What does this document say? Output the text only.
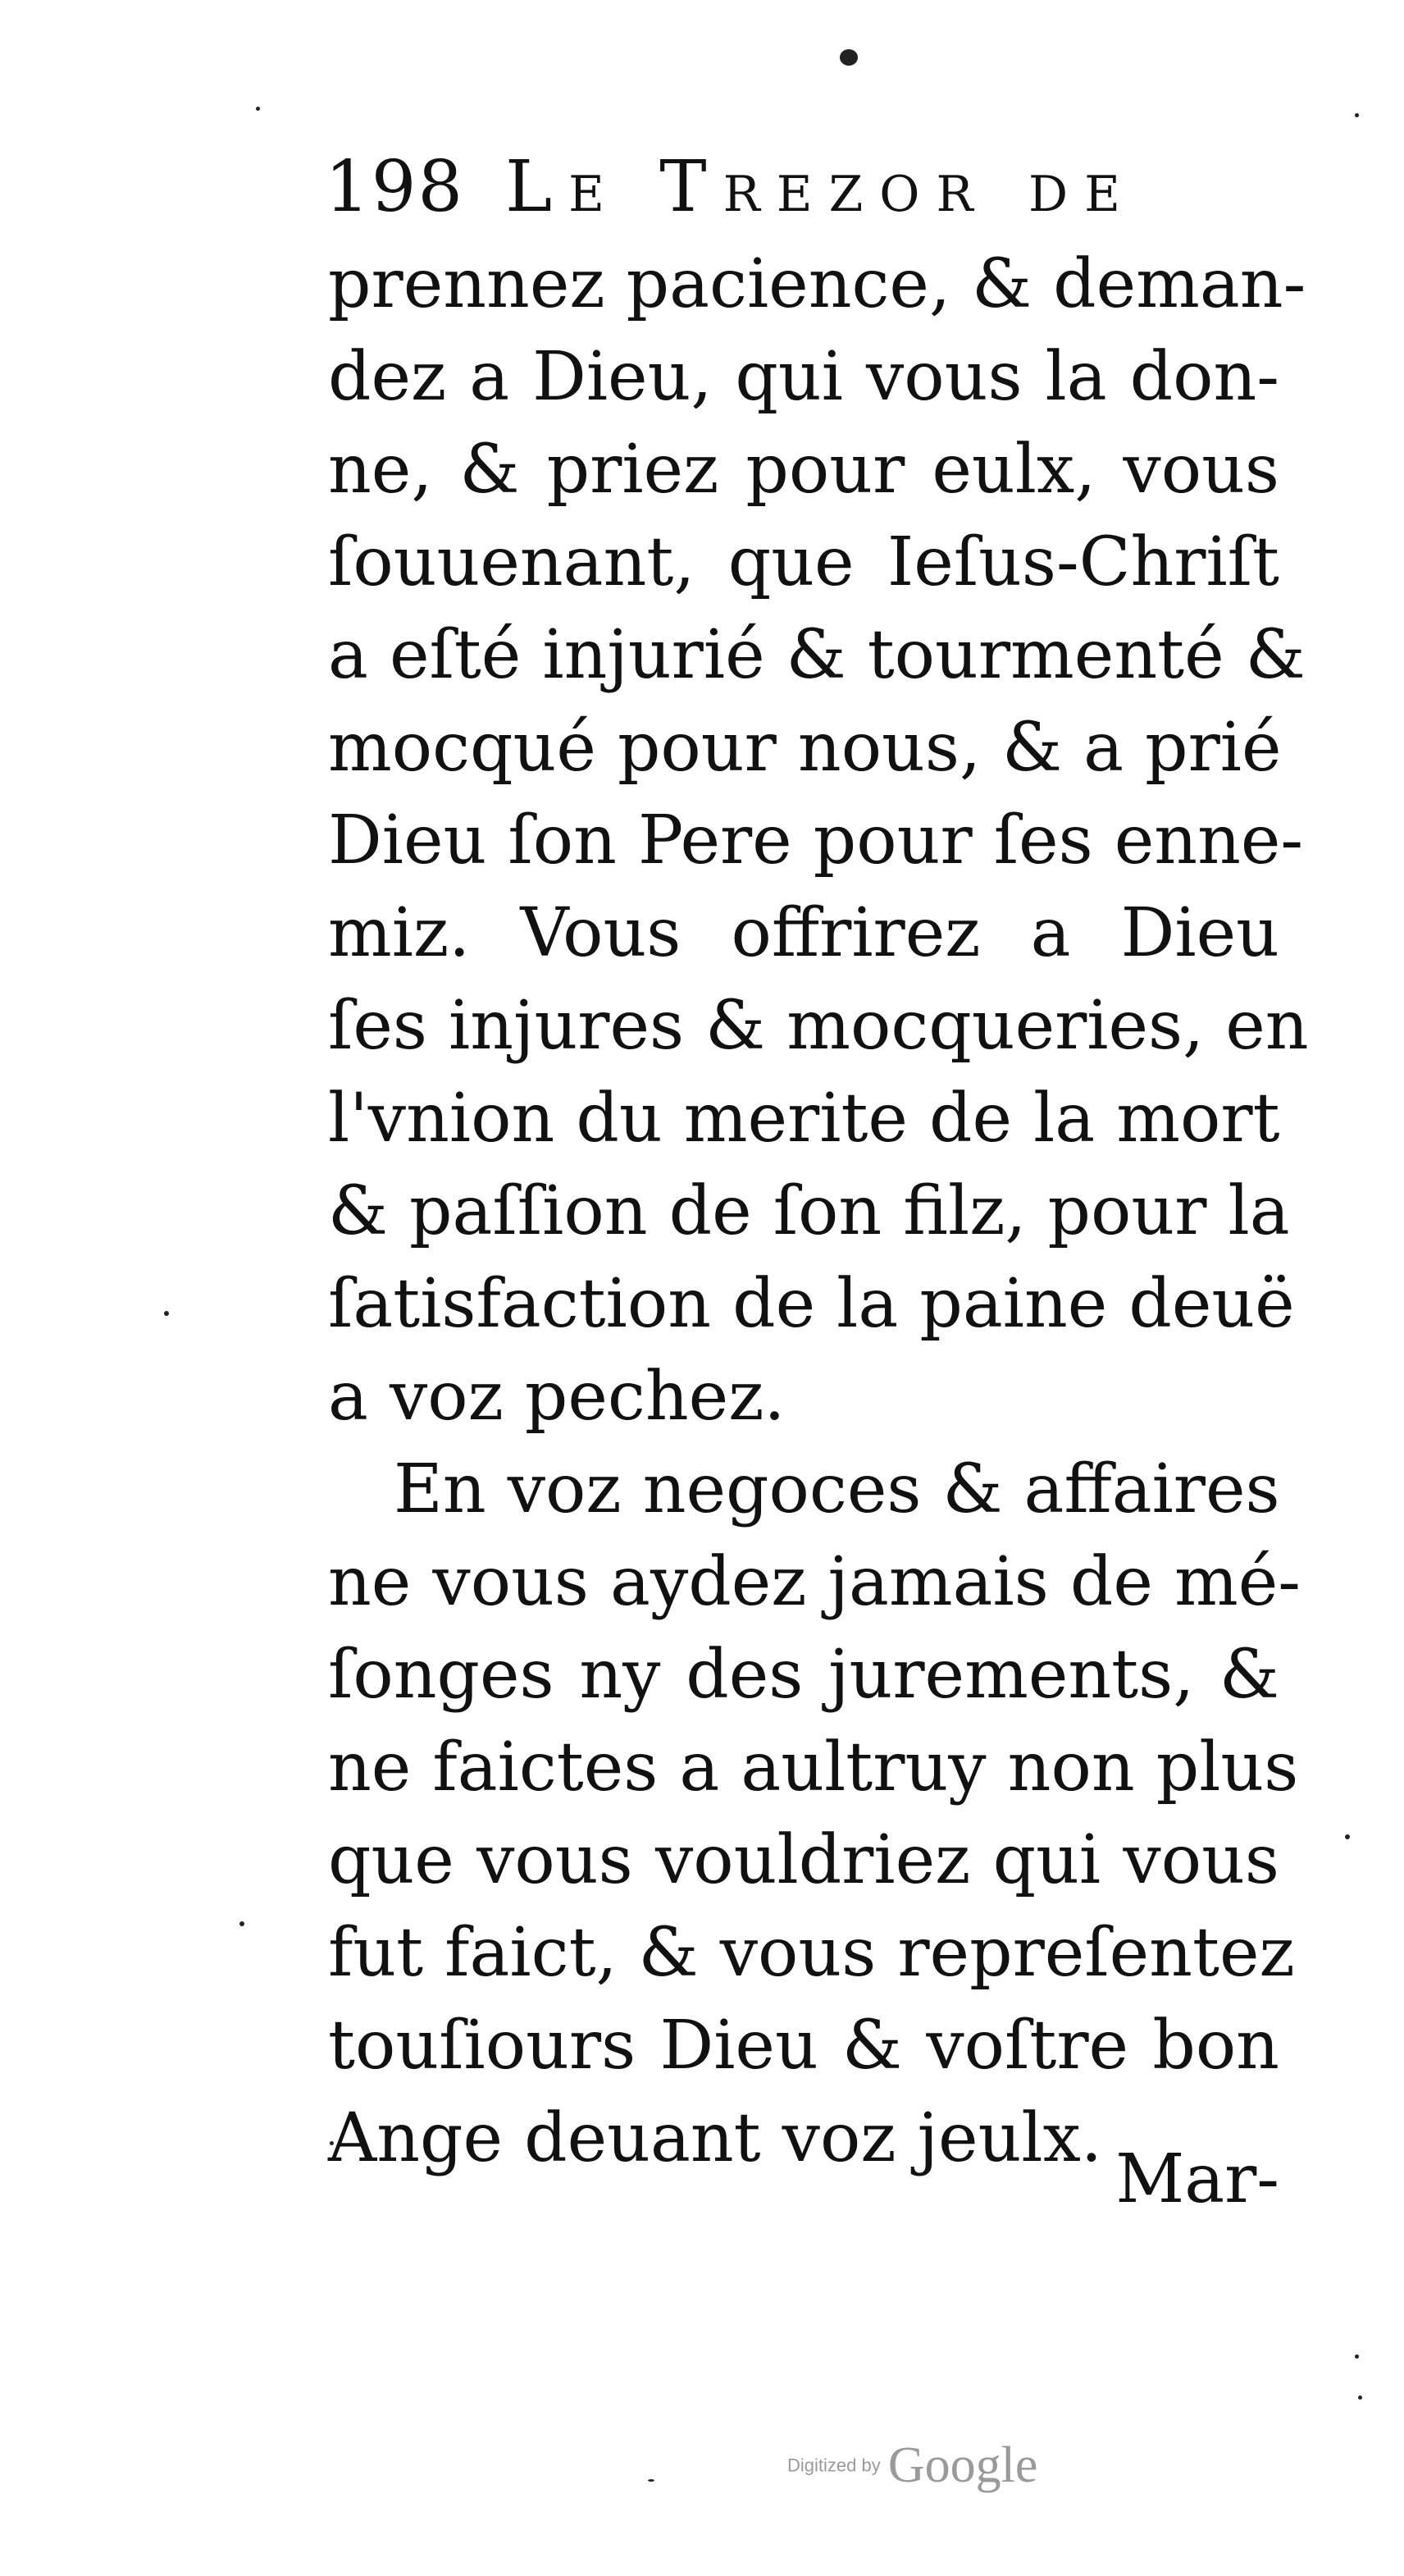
198 Le Trezor de
prennez pacience, & deman-
dez a Dieu, qui vous la don-
ne, & priez pour eulx, vous
ſouuenant, que Ieſus-Chriſt
a eſté injurié & tourmenté &
mocqué pour nous, & a prié
Dieu ſon Pere pour ſes enne-
miz. Vous offrirez a Dieu
ſes injures & mocqueries, en
l'vnion du merite de la mort
& paſſion de ſon filz, pour la
ſatisfaction de la paine deuë
a voz pechez.
En voz negoces & affaires
ne vous aydez jamais de mé-
ſonges ny des jurements, &
ne faictes a aultruy non plus
que vous vouldriez qui vous
fut faict, & vous repreſentez
touſiours Dieu & voſtre bon
Ange deuant voz jeulx.
Mar-
Digitized by Google
